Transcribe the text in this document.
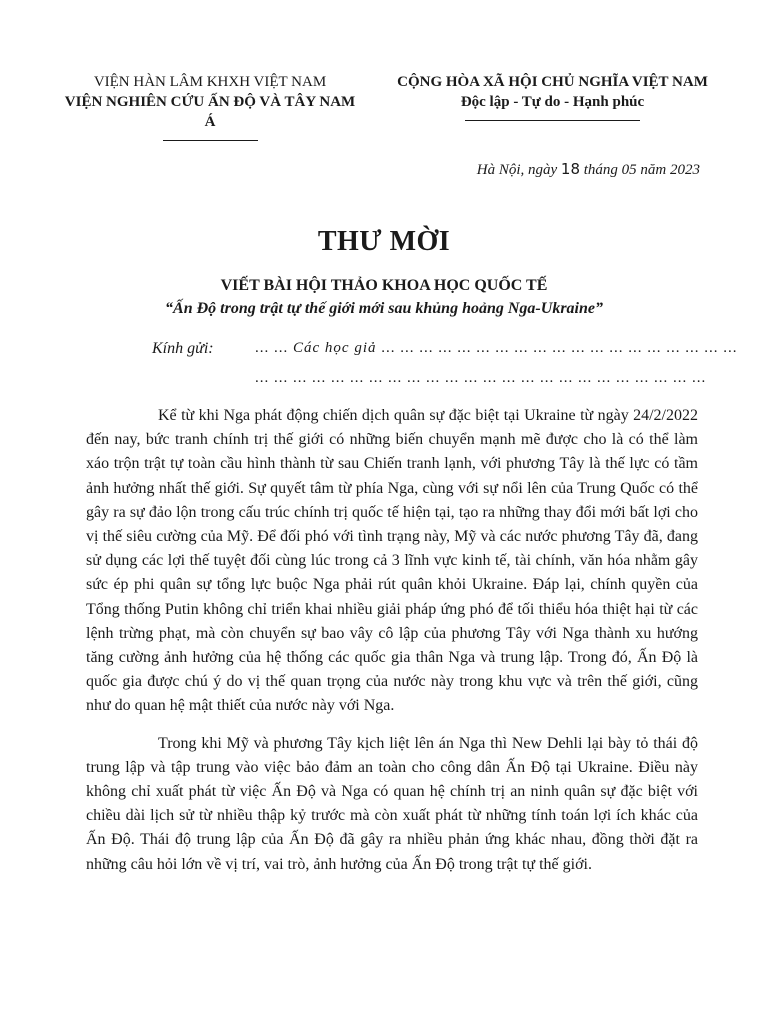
VIỆN HÀN LÂM KHXH VIỆT NAM
VIỆN NGHIÊN CỨU ẤN ĐỘ VÀ TÂY NAM Á
CỘNG HÒA XÃ HỘI CHỦ NGHĨA VIỆT NAM
Độc lập - Tự do - Hạnh phúc
Hà Nội, ngày 18 tháng 05 năm 2023
THƯ MỜI
VIẾT BÀI HỘI THẢO KHOA HỌC QUỐC TẾ
“Ấn Độ trong trật tự thế giới mới sau khủng hoảng Nga-Ukraine”
Kính gửi:	... ... Các học giả ... ... ... ... ... ... ... ... ... ... ... ... ... ... ... ... ... ... ...
... ... ... ... ... ... ... ... ... ... ... ... ... ... ... ... ... ... ... ... ... ... ... ...

Kể từ khi Nga phát động chiến dịch quân sự đặc biệt tại Ukraine từ ngày 24/2/2022 đến nay, bức tranh chính trị thế giới có những biến chuyển mạnh mẽ được cho là có thể làm xáo trộn trật tự toàn cầu hình thành từ sau Chiến tranh lạnh, với phương Tây là thế lực có tầm ảnh hưởng nhất thế giới. Sự quyết tâm từ phía Nga, cùng với sự nổi lên của Trung Quốc có thể gây ra sự đảo lộn trong cấu trúc chính trị quốc tế hiện tại, tạo ra những thay đổi mới bất lợi cho vị thế siêu cường của Mỹ. Để đối phó với tình trạng này, Mỹ và các nước phương Tây đã, đang sử dụng các lợi thế tuyệt đối cùng lúc trong cả 3 lĩnh vực kinh tế, tài chính, văn hóa nhằm gây sức ép phi quân sự tổng lực buộc Nga phải rút quân khỏi Ukraine. Đáp lại, chính quyền của Tổng thống Putin không chỉ triển khai nhiều giải pháp ứng phó để tối thiểu hóa thiệt hại từ các lệnh trừng phạt, mà còn chuyển sự bao vây cô lập của phương Tây với Nga thành xu hướng tăng cường ảnh hưởng của hệ thống các quốc gia thân Nga và trung lập. Trong đó, Ấn Độ là quốc gia được chú ý do vị thế quan trọng của nước này trong khu vực và trên thế giới, cũng như do quan hệ mật thiết của nước này với Nga.

Trong khi Mỹ và phương Tây kịch liệt lên án Nga thì New Dehli lại bày tỏ thái độ trung lập và tập trung vào việc bảo đảm an toàn cho công dân Ấn Độ tại Ukraine. Điều này không chỉ xuất phát từ việc Ấn Độ và Nga có quan hệ chính trị an ninh quân sự đặc biệt với chiều dài lịch sử từ nhiều thập kỷ trước mà còn xuất phát từ những tính toán lợi ích khác của Ấn Độ. Thái độ trung lập của Ấn Độ đã gây ra nhiều phản ứng khác nhau, đồng thời đặt ra những câu hỏi lớn về vị trí, vai trò, ảnh hưởng của Ấn Độ trong trật tự thế giới.
